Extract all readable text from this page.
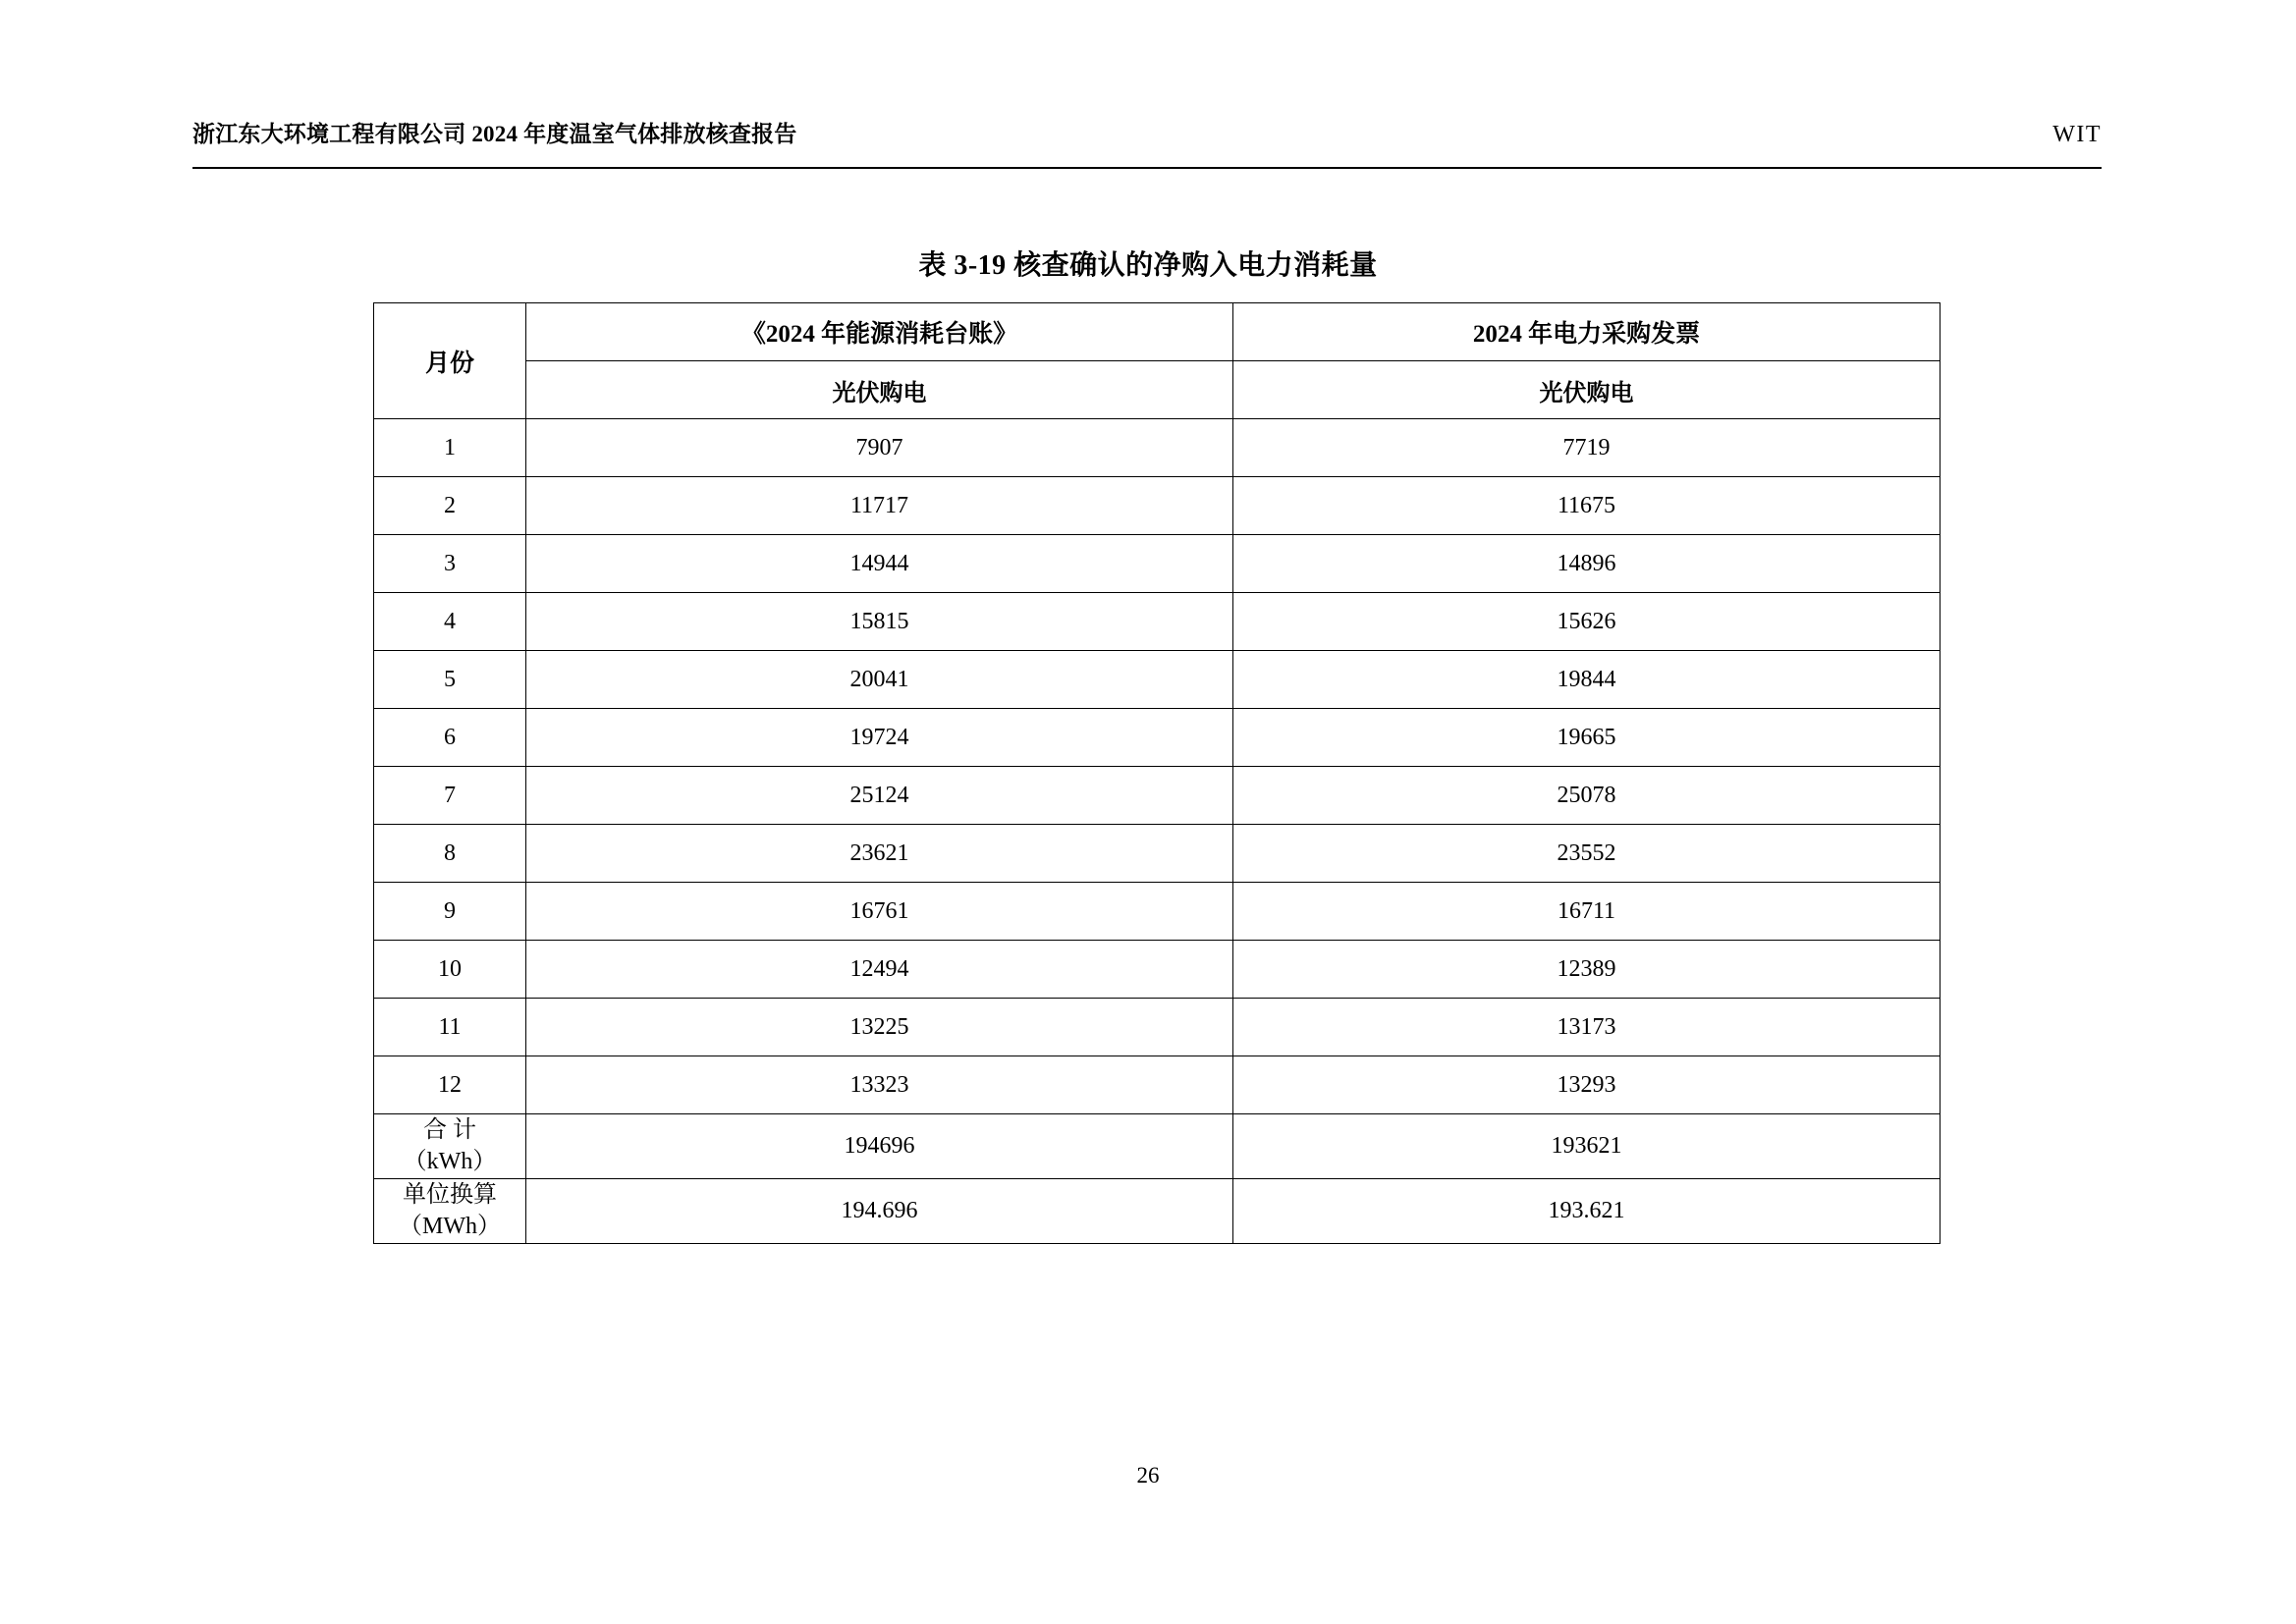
浙江东大环境工程有限公司 2024 年度温室气体排放核查报告	WIT
表 3-19 核查确认的净购入电力消耗量
月份	《2024 年能源消耗台账》	2024 年电力采购发票
	光伏购电	光伏购电
1	7907	7719
2	11717	11675
3	14944	14896
4	15815	15626
5	20041	19844
6	19724	19665
7	25124	25078
8	23621	23552
9	16761	16711
10	12494	12389
11	13225	13173
12	13323	13293

合 计
（kWh）	194696	193621

单位换算
（MWh）	194.696	193.621
26
